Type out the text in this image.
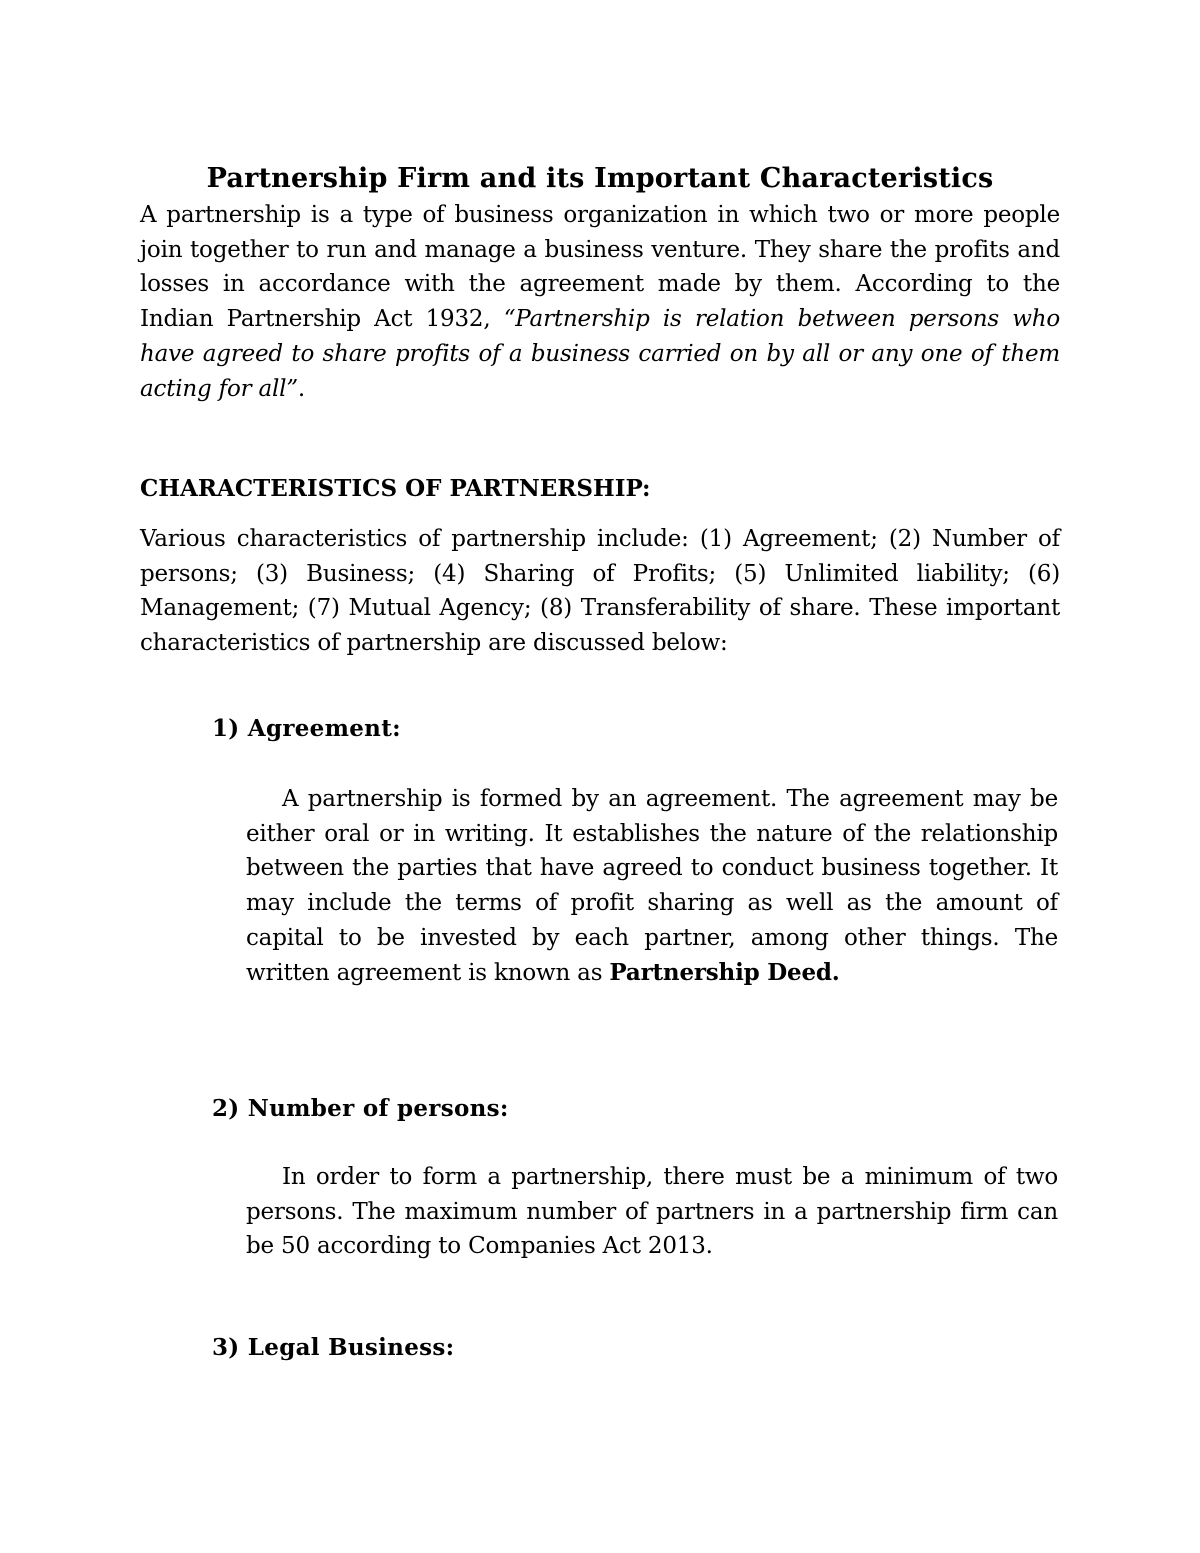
Partnership Firm and its Important Characteristics

A partnership is a type of business organization in which two or more people join together to run and manage a business venture. They share the profits and losses in accordance with the agreement made by them. According to the Indian Partnership Act 1932, “Partnership is relation between persons who have agreed to share profits of a business carried on by all or any one of them acting for all”.

CHARACTERISTICS OF PARTNERSHIP:

Various characteristics of partnership include: (1) Agreement; (2) Number of persons; (3) Business; (4) Sharing of Profits; (5) Unlimited liability; (6) Management; (7) Mutual Agency; (8) Transferability of share. These important characteristics of partnership are discussed below:

1) Agreement:

A partnership is formed by an agreement. The agreement may be either oral or in writing. It establishes the nature of the relationship between the parties that have agreed to conduct business together. It may include the terms of profit sharing as well as the amount of capital to be invested by each partner, among other things. The written agreement is known as Partnership Deed.

2) Number of persons:

In order to form a partnership, there must be a minimum of two persons. The maximum number of partners in a partnership firm can be 50 according to Companies Act 2013.

3) Legal Business:
